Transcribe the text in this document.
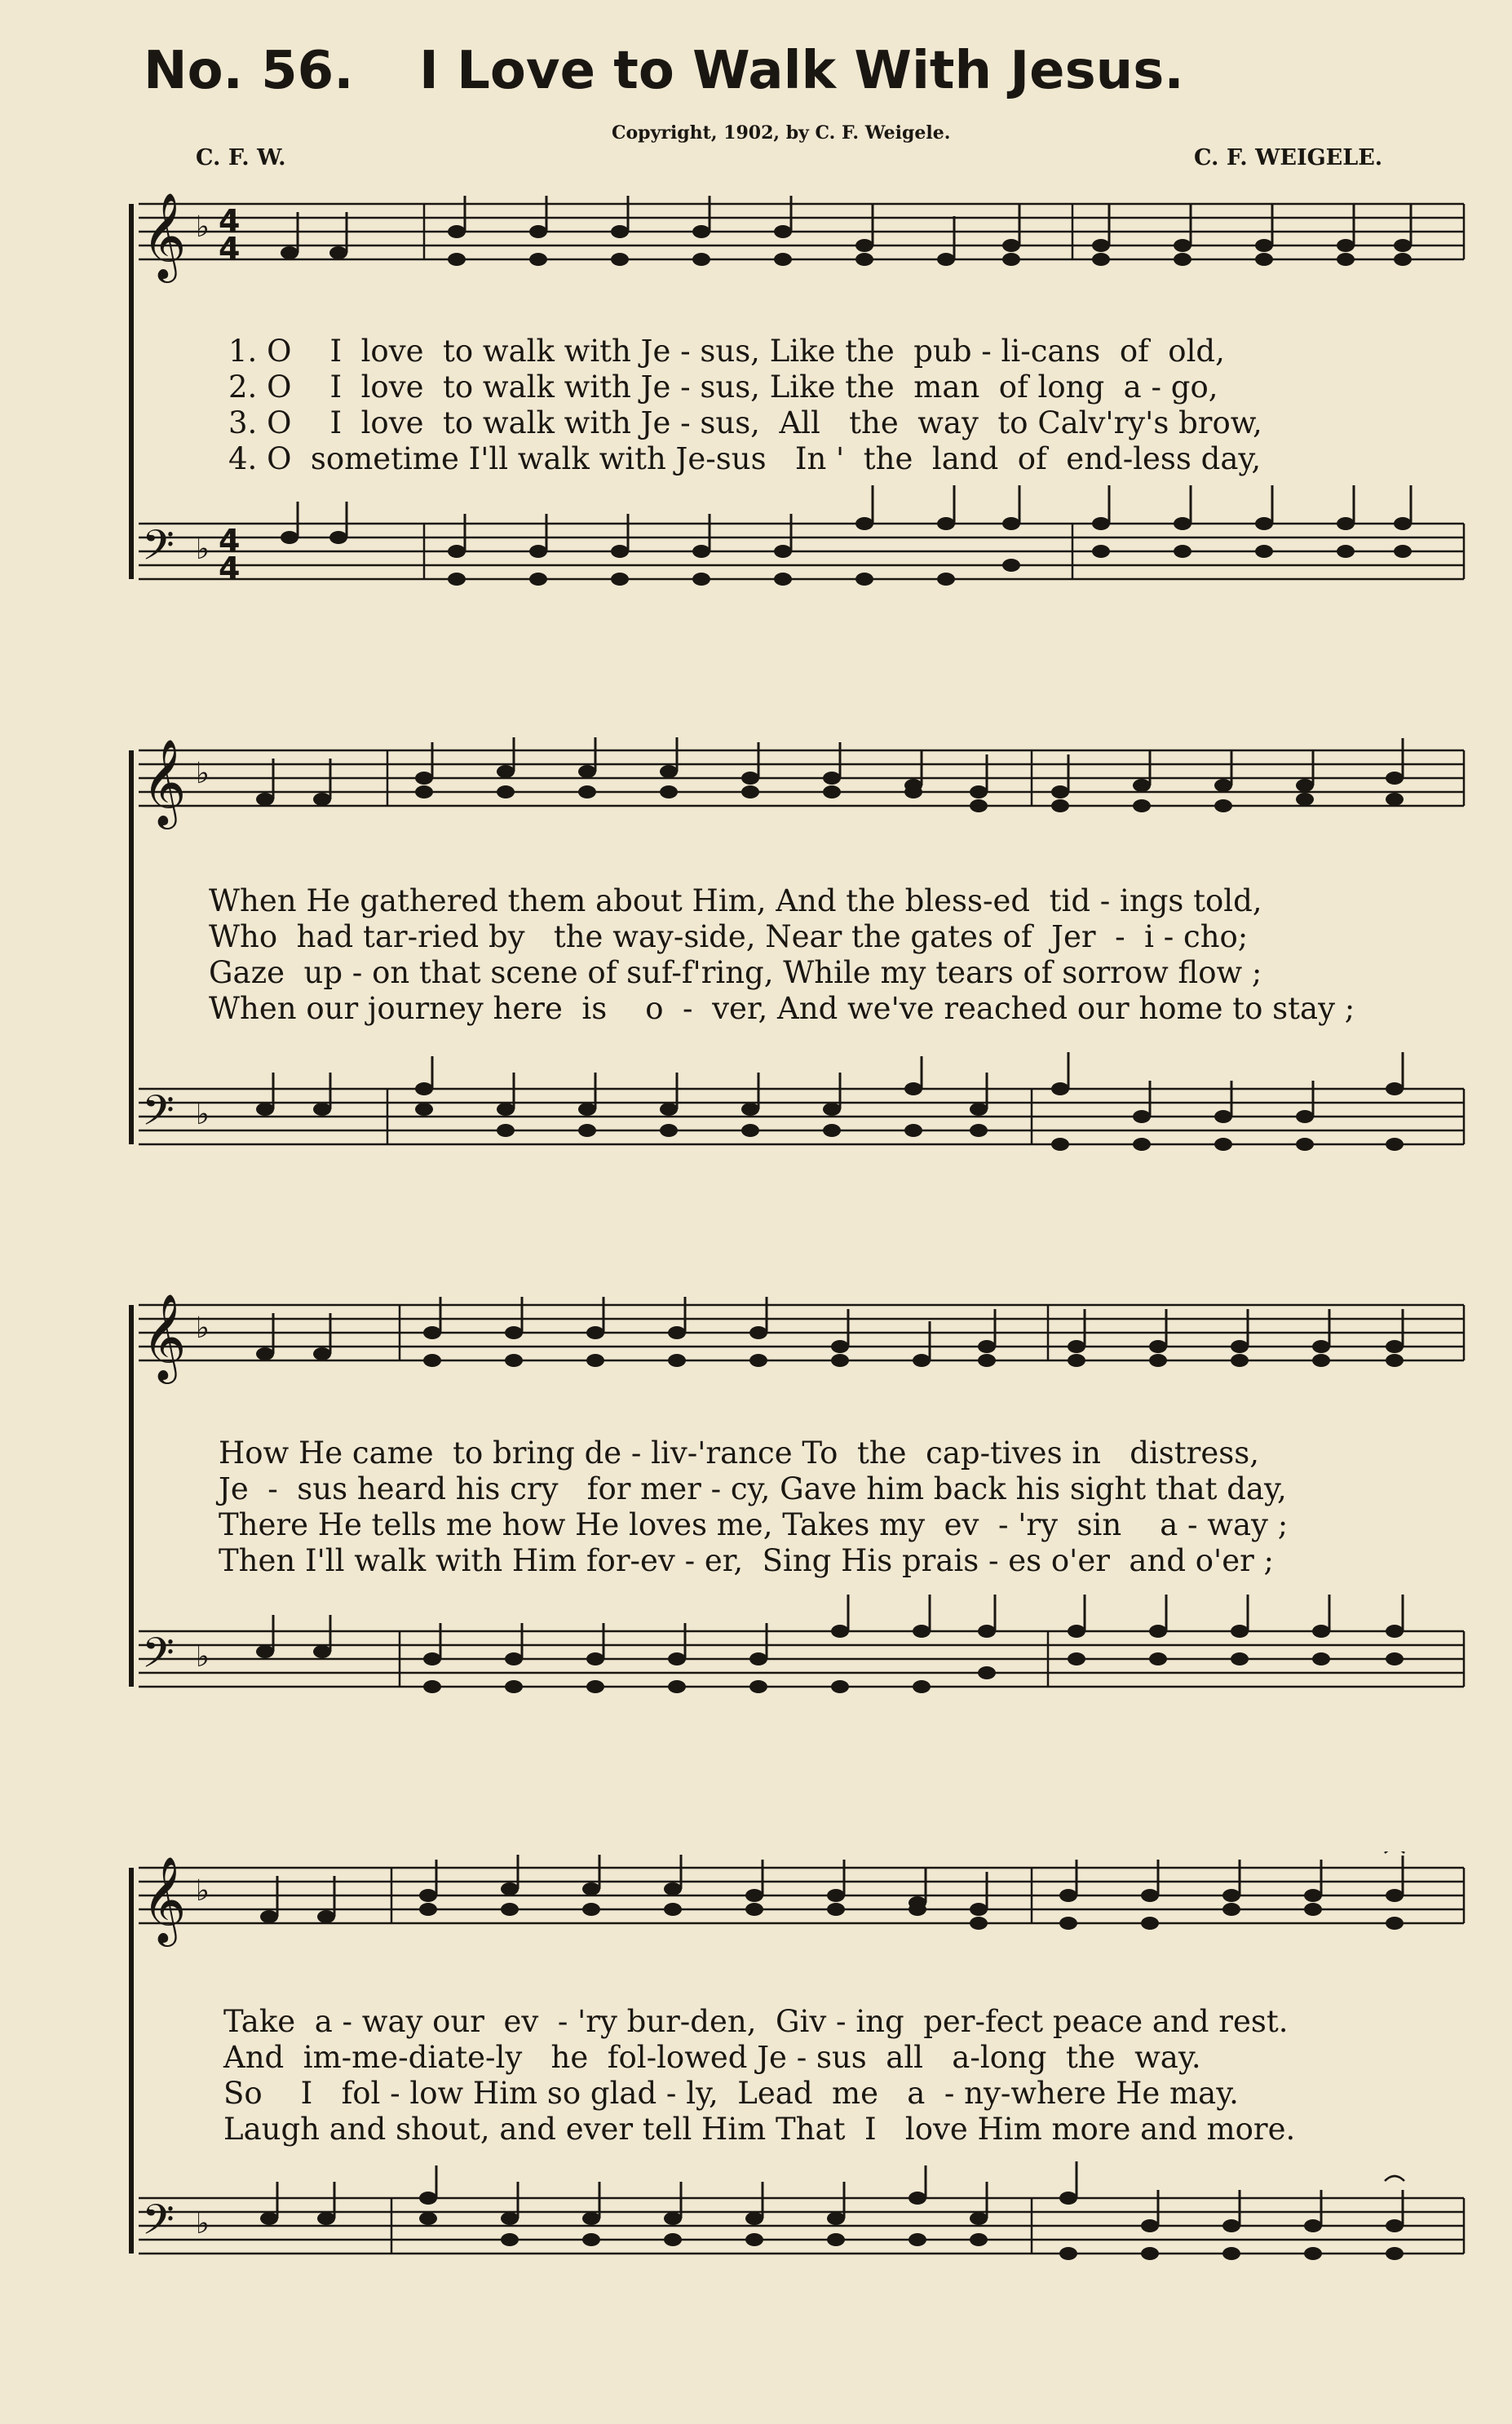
No. 56. I Love to Walk With Jesus.
Copyright, 1902, by C. F. Weigele.
C. F. W.	C. F. WEIGELE.
𝄞
𝄢
♭
♭
4
4
4
4
1. O    I  love  to walk with Je - sus, Like the  pub - li-cans  of  old,
2. O    I  love  to walk with Je - sus, Like the  man  of long  a - go,
3. O    I  love  to walk with Je - sus,  All   the  way  to Calv'ry's brow,
4. O  sometime I'll walk with Je-sus   In '  the  land  of  end-less day,
𝄞
𝄢
♭
♭
When He gathered them about Him, And the bless-ed  tid - ings told,
Who  had tar-ried by   the way-side, Near the gates of  Jer  -  i - cho;
Gaze  up - on that scene of suf-f'ring, While my tears of sorrow flow ;
When our journey here  is    o  -  ver, And we've reached our home to stay ;
𝄞
𝄢
♭
♭
How He came  to bring de - liv-'rance To  the  cap-tives in   distress,
Je  -  sus heard his cry   for mer - cy, Gave him back his sight that day,
There He tells me how He loves me, Takes my  ev  - 'ry  sin    a - way ;
Then I'll walk with Him for-ev - er,  Sing His prais - es o'er  and o'er ;
𝄞
𝄢
♭
♭
Take  a - way our  ev  - 'ry bur-den,  Giv - ing  per-fect peace and rest.
And  im-me-diate-ly   he  fol-lowed Je - sus  all   a-long  the  way.
So    I   fol - low Him so glad - ly,  Lead  me   a  - ny-where He may.
Laugh and shout, and ever tell Him That  I   love Him more and more.
